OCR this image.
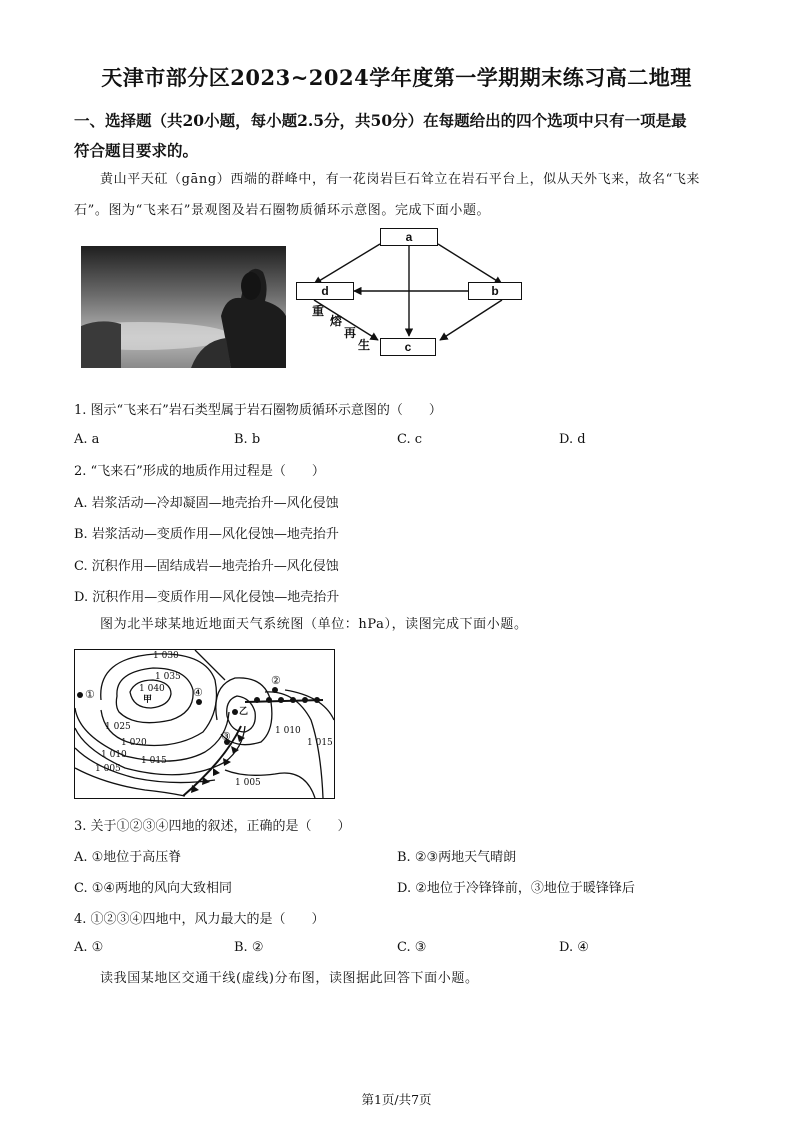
天津市部分区2023~2024学年度第一学期期末练习高二地理
一、选择题（共20小题，每小题2.5分，共50分）在每题给出的四个选项中只有一项是最
符合题目要求的。
黄山平天矼（gāng）西端的群峰中，有一花岗岩巨石耸立在岩石平台上，似从天外飞来，故名“飞来
石”。图为“飞来石”景观图及岩石圈物质循环示意图。完成下面小题。
a
d	b
c
重
熔
再
生
1. 图示“飞来石”岩石类型属于岩石圈物质循环示意图的（　　）
A. a	B. b	C. c	D. d
2. “飞来石”形成的地质作用过程是（　　）
A. 岩浆活动—冷却凝固—地壳抬升—风化侵蚀
B. 岩浆活动—变质作用—风化侵蚀—地壳抬升
C. 沉积作用—固结成岩—地壳抬升—风化侵蚀
D. 沉积作用—变质作用—风化侵蚀—地壳抬升
图为北半球某地近地面天气系统图（单位：hPa），读图完成下面小题。
1 030
1 035
1 040
1 025
1 020
1 015
1 010
1 005
1 010
1 015
1 005
甲
乙
①
②
③
④
3. 关于①②③④四地的叙述，正确的是（　　）
A. ①地位于高压脊	B. ②③两地天气晴朗
C. ①④两地的风向大致相同	D. ②地位于冷锋锋前，③地位于暖锋锋后
4. ①②③④四地中，风力最大的是（　　）
A. ①	B. ②	C. ③	D. ④
读我国某地区交通干线(虚线)分布图，读图据此回答下面小题。
第1页/共7页
